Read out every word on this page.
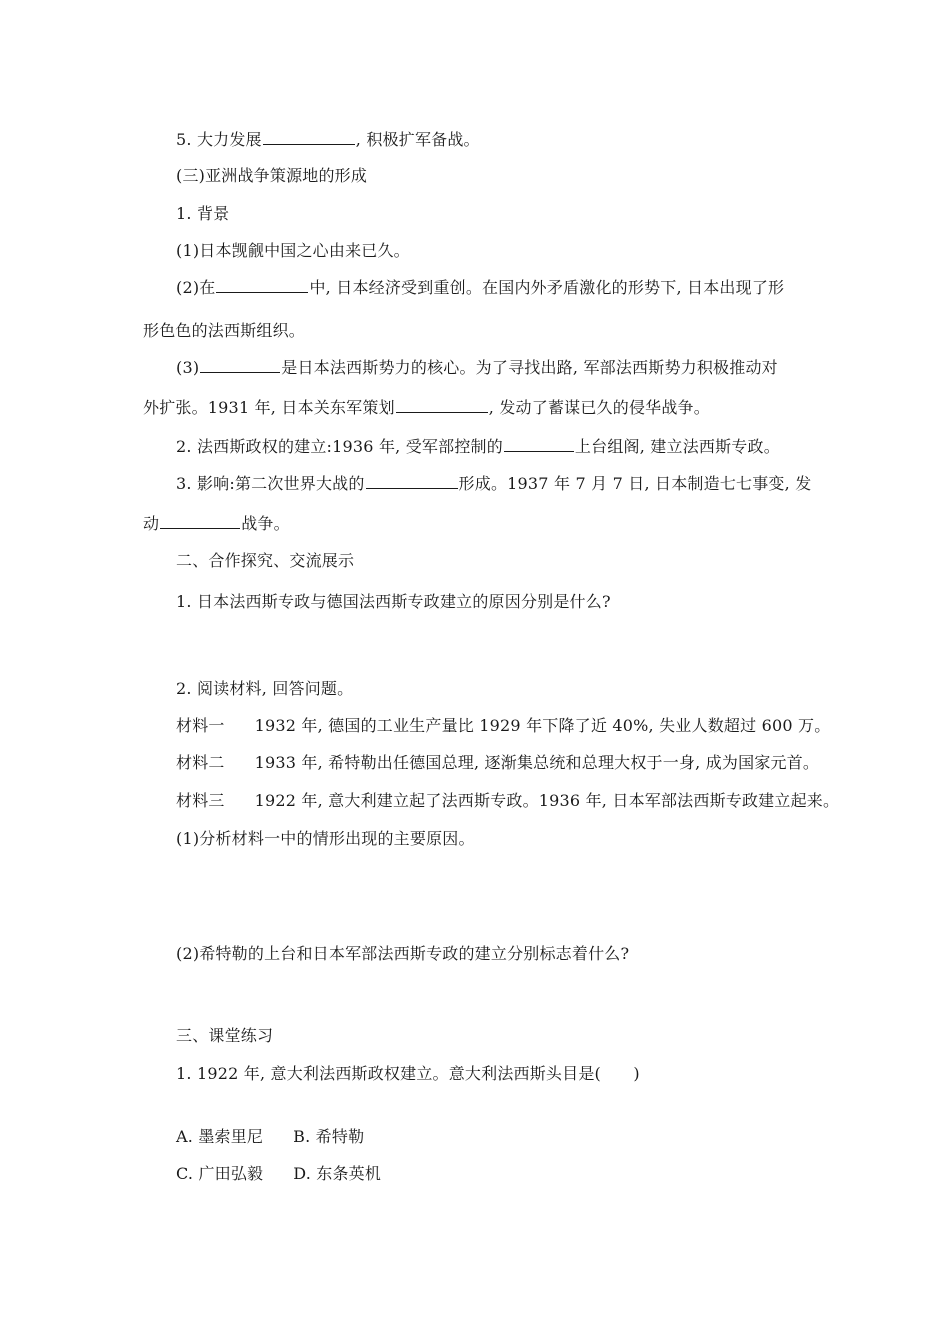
5. 大力发展	, 积极扩军备战。
(三)亚洲战争策源地的形成
1. 背景
(1)日本觊觎中国之心由来已久。
(2)在	中, 日本经济受到重创。在国内外矛盾激化的形势下, 日本出现了形
形色色的法西斯组织。
(3)	是日本法西斯势力的核心。为了寻找出路, 军部法西斯势力积极推动对
外扩张。1931 年, 日本关东军策划	, 发动了蓄谋已久的侵华战争。
2. 法西斯政权的建立:1936 年, 受军部控制的	上台组阁, 建立法西斯专政。
3. 影响:第二次世界大战的	形成。1937 年 7 月 7 日, 日本制造七七事变, 发
动	战争。
二、合作探究、交流展示
1. 日本法西斯专政与德国法西斯专政建立的原因分别是什么?
2. 阅读材料, 回答问题。
材料一 1932 年, 德国的工业生产量比 1929 年下降了近 40%, 失业人数超过 600 万。
材料二 1933 年, 希特勒出任德国总理, 逐渐集总统和总理大权于一身, 成为国家元首。
材料三 1922 年, 意大利建立起了法西斯专政。1936 年, 日本军部法西斯专政建立起来。
(1)分析材料一中的情形出现的主要原因。
(2)希特勒的上台和日本军部法西斯专政的建立分别标志着什么?
三、课堂练习
1. 1922 年, 意大利法西斯政权建立。意大利法西斯头目是(　　)
A. 墨索里尼 B. 希特勒
C. 广田弘毅 D. 东条英机
